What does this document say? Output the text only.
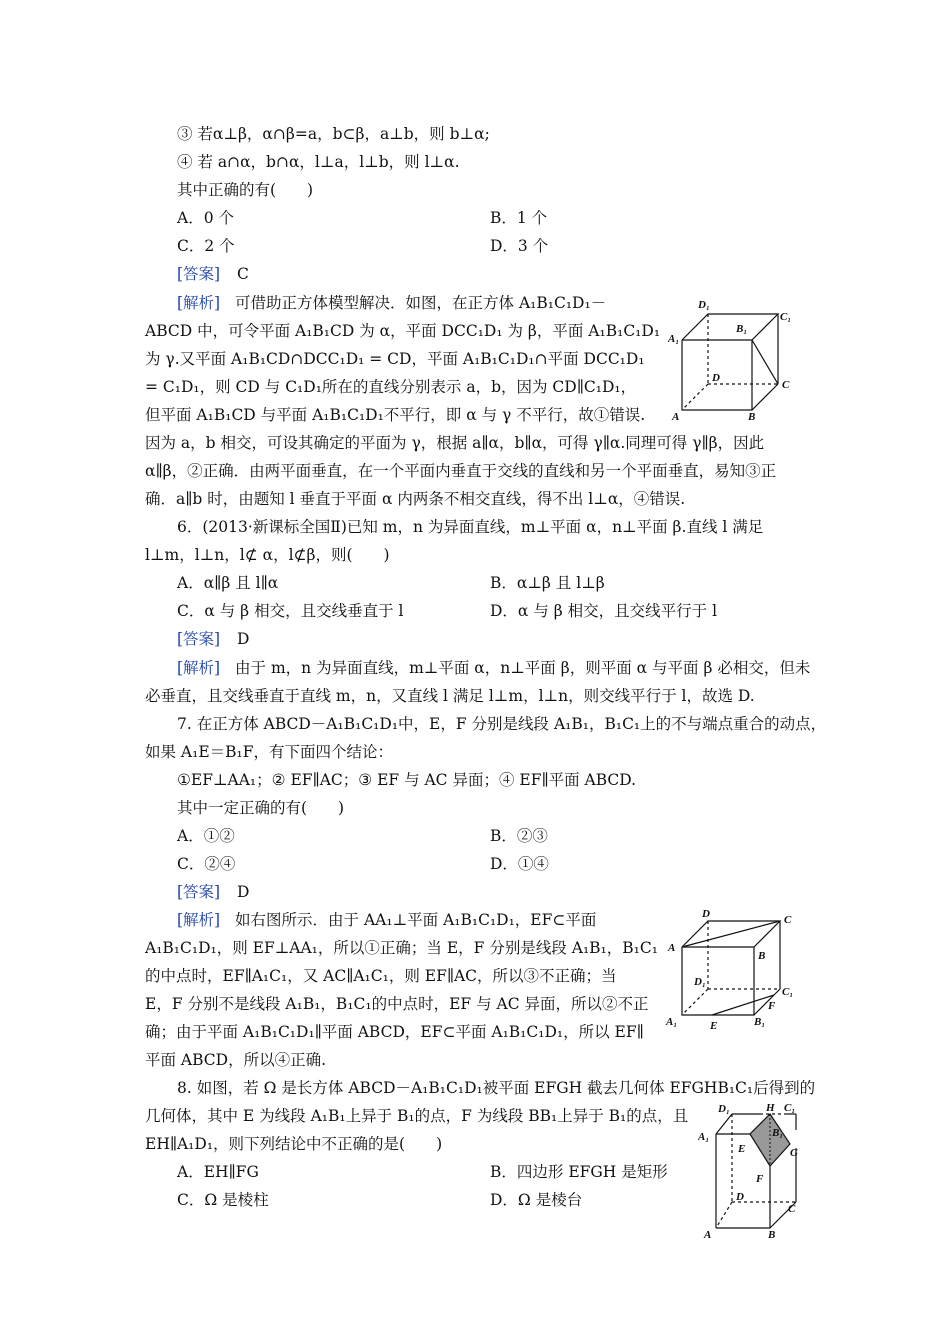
③ 若α⊥β，α∩β=a，b⊂β，a⊥b，则 b⊥α;
④ 若 a∩α，b∩α，l⊥a，l⊥b，则 l⊥α.
其中正确的有(　　)
A．0 个	B．1 个
C．2 个	D．3 个
[答案] C
[解析] 可借助正方体模型解决．如图，在正方体 A₁B₁C₁D₁－
ABCD 中，可令平面 A₁B₁CD 为 α，平面 DCC₁D₁ 为 β，平面 A₁B₁C₁D₁
为 γ.又平面 A₁B₁CD∩DCC₁D₁ = CD，平面 A₁B₁C₁D₁∩平面 DCC₁D₁
= C₁D₁，则 CD 与 C₁D₁所在的直线分别表示 a，b，因为 CD∥C₁D₁，
但平面 A₁B₁CD 与平面 A₁B₁C₁D₁不平行，即 α 与 γ 不平行，故①错误.
因为 a，b 相交，可设其确定的平面为 γ，根据 a∥α，b∥α，可得 γ∥α.同理可得 γ∥β，因此
α∥β，②正确．由两平面垂直，在一个平面内垂直于交线的直线和另一个平面垂直，易知③正
确．a∥b 时，由题知 l 垂直于平面 α 内两条不相交直线，得不出 l⊥α，④错误.
D₁
C₁
A₁
B₁
D
C
A	B
6．(2013·新课标全国Ⅱ)已知 m，n 为异面直线，m⊥平面 α，n⊥平面 β.直线 l 满足
l⊥m，l⊥n，l⊄ α，l⊄β，则(　　)
A．α∥β 且 l∥α	B．α⊥β 且 l⊥β
C．α 与 β 相交，且交线垂直于 l	D．α 与 β 相交，且交线平行于 l
[答案] D
[解析] 由于 m，n 为异面直线，m⊥平面 α，n⊥平面 β，则平面 α 与平面 β 必相交，但未
必垂直，且交线垂直于直线 m，n，又直线 l 满足 l⊥m，l⊥n，则交线平行于 l，故选 D.
7. 在正方体 ABCD－A₁B₁C₁D₁中，E，F 分别是线段 A₁B₁，B₁C₁上的不与端点重合的动点，
如果 A₁E＝B₁F，有下面四个结论：
①EF⊥AA₁；② EF∥AC；③ EF 与 AC 异面；④ EF∥平面 ABCD.
其中一定正确的有(　　)
A．①②	B．②③
C．②④	D．①④
[答案] D
[解析] 如右图所示．由于 AA₁⊥平面 A₁B₁C₁D₁，EF⊂平面
A₁B₁C₁D₁，则 EF⊥AA₁，所以①正确；当 E，F 分别是线段 A₁B₁，B₁C₁
的中点时，EF∥A₁C₁，又 AC∥A₁C₁，则 EF∥AC，所以③不正确；当
E，F 分别不是线段 A₁B₁，B₁C₁的中点时，EF 与 AC 异面，所以②不正
确；由于平面 A₁B₁C₁D₁∥平面 ABCD，EF⊂平面 A₁B₁C₁D₁，所以 EF∥
平面 ABCD，所以④正确.
D	C
A
B
D₁
C₁
A₁	E	B₁
F
8. 如图，若 Ω 是长方体 ABCD－A₁B₁C₁D₁被平面 EFGH 截去几何体 EFGHB₁C₁后得到的
几何体，其中 E 为线段 A₁B₁上异于 B₁的点，F 为线段 BB₁上异于 B₁的点，且
EH∥A₁D₁，则下列结论中不正确的是(　　)
A．EH∥FG	B．四边形 EFGH 是矩形
C．Ω 是棱柱	D．Ω 是棱台
D₁	H C₁
A₁	B₁
E	G
F
D
C
A	B
